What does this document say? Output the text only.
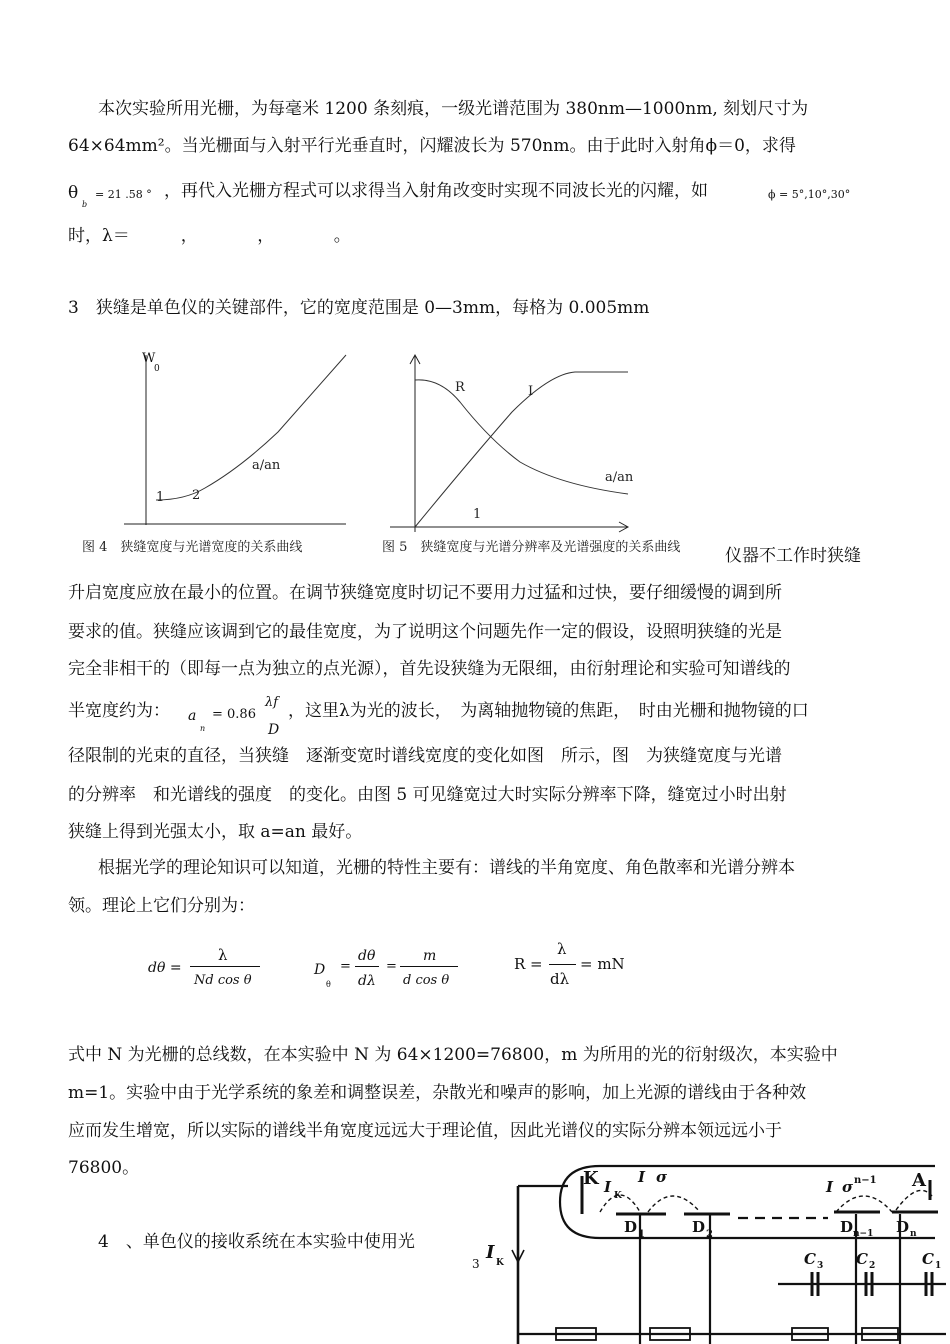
本次实验所用光栅，为每毫米 1200 条刻痕，一级光谱范围为 380nm—1000nm, 刻划尺寸为
64×64mm²。当光栅面与入射平行光垂直时，闪耀波长为 570nm。由于此时入射角ϕ＝0，求得
θ
b
= 21 .58 ° ，再代入光栅方程式可以求得当入射角改变时实现不同波长光的闪耀，如	ϕ = 5°,10°,30°
时，λ＝　　　，　　　　，　　　　。
3　狭缝是单色仪的关键部件，它的宽度范围是 0—3mm，每格为 0.005mm
W
0
a/an
1 2
图 4　狭缝宽度与光谱宽度的关系曲线
R	I
a/an
1
图 5　狭缝宽度与光谱分辨率及光谱强度的关系曲线	仪器不工作时狭缝
升启宽度应放在最小的位置。在调节狭缝宽度时切记不要用力过猛和过快，要仔细缓慢的调到所
要求的值。狭缝应该调到它的最佳宽度，为了说明这个问题先作一定的假设，设照明狭缝的光是
完全非相干的（即每一点为独立的点光源），首先设狭缝为无限细，由衍射理论和实验可知谱线的
半宽度约为： a
n
= 0.86
λf
D
，这里λ为光的波长，　为离轴抛物镜的焦距，　时由光栅和抛物镜的口
径限制的光束的直径，当狭缝　逐渐变宽时谱线宽度的变化如图　所示，图　为狭缝宽度与光谱
的分辨率　和光谱线的强度　的变化。由图 5 可见缝宽过大时实际分辨率下降，缝宽过小时出射
狭缝上得到光强太小，取 a=an 最好。
根据光学的理论知识可以知道，光栅的特性主要有：谱线的半角宽度、角色散率和光谱分辨本
领。理论上它们分别为：
dθ =
λ
Nd cos θ
D
θ
=
dθ
dλ
=
m
d cos θ
R =
λ
dλ
= mN
式中 N 为光栅的总线数，在本实验中 N 为 64×1200=76800，m 为所用的光的衍射级次，本实验中
m=1。实验中由于光学系统的象差和调整误差，杂散光和噪声的影响，加上光源的谱线由于各种效
应而发生增宽，所以实际的谱线半角宽度远远大于理论值，因此光谱仪的实际分辨本领远远小于
76800。
4　、单色仪的接收系统在本实验中使用光
3
K I K
I σ
I σ n−1 A
D 1	D 2	D n−1 D n
C 3 C 2	C 1
I K
